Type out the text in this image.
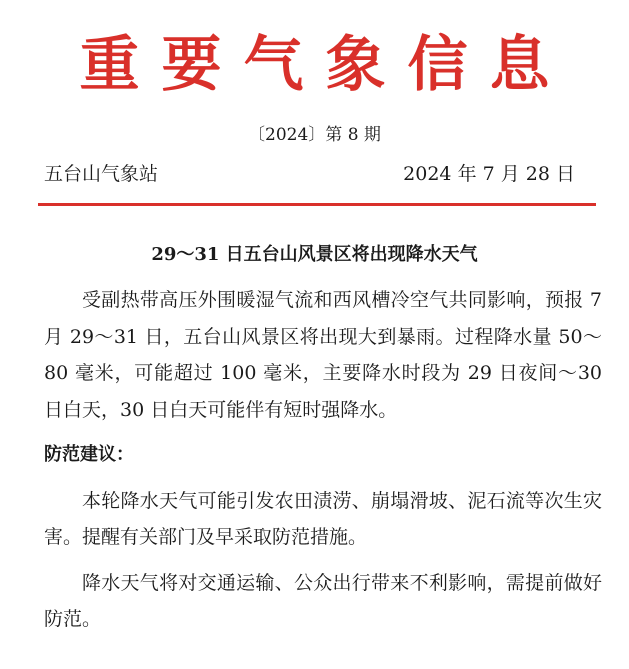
重要气象信息
〔2024〕第 8 期
五台山气象站	2024 年 7 月 28 日
29～31 日五台山风景区将出现降水天气

受副热带高压外围暖湿气流和西风槽冷空气共同影响，预报 7 月 29～31 日，五台山风景区将出现大到暴雨。过程降水量 50～80 毫米，可能超过 100 毫米，主要降水时段为 29 日夜间～30 日白天，30 日白天可能伴有短时强降水。

防范建议：

本轮降水天气可能引发农田渍涝、崩塌滑坡、泥石流等次生灾害。提醒有关部门及早采取防范措施。

降水天气将对交通运输、公众出行带来不利影响，需提前做好防范。
